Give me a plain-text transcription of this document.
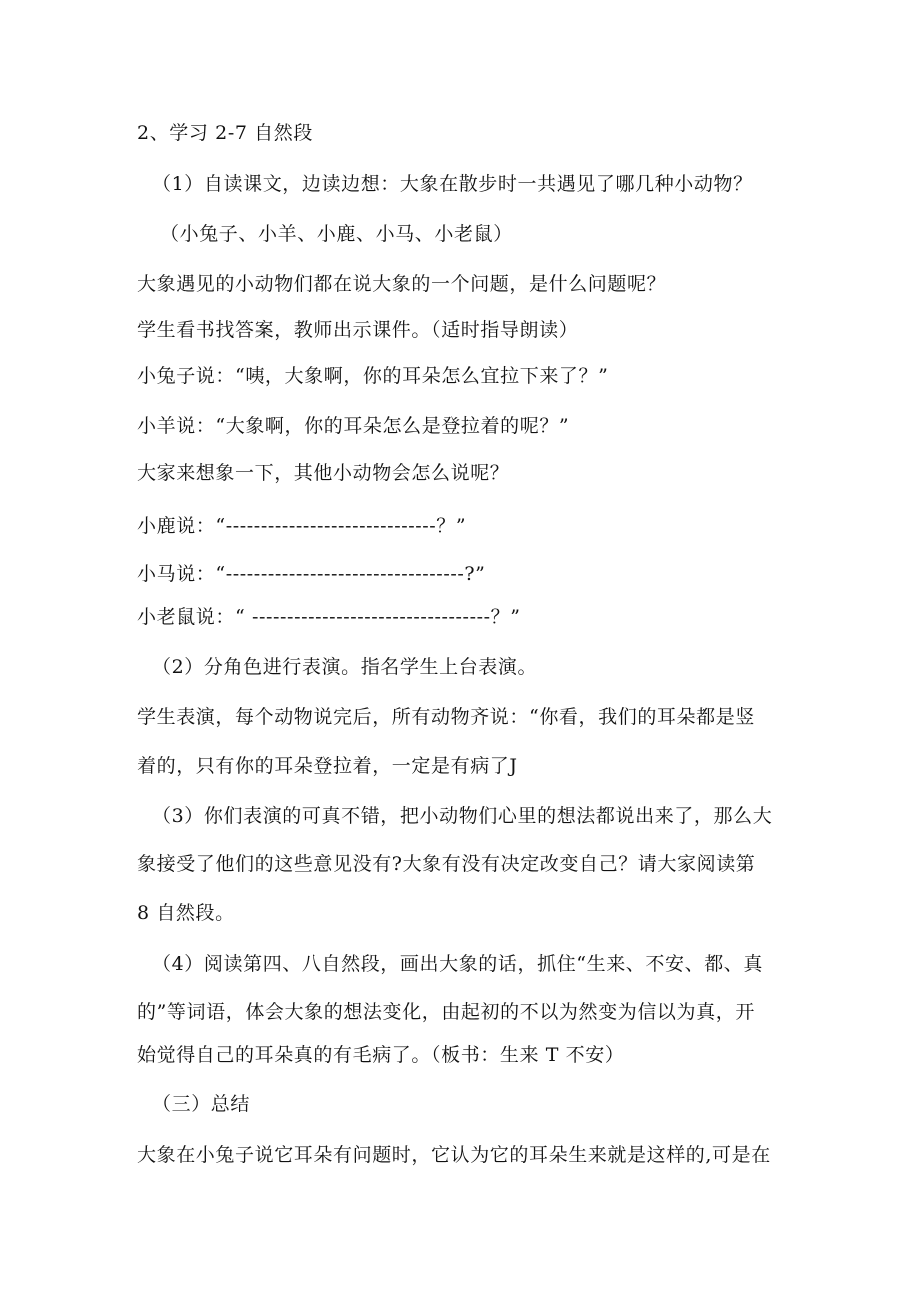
2、学习 2-7 自然段
（1）自读课文，边读边想：大象在散步时一共遇见了哪几种小动物？
（小兔子、小羊、小鹿、小马、小老鼠）
大象遇见的小动物们都在说大象的一个问题，是什么问题呢？
学生看书找答案，教师出示课件。（适时指导朗读）
小兔子说：“咦，大象啊，你的耳朵怎么宜拉下来了？”
小羊说：“大象啊，你的耳朵怎么是登拉着的呢？”
大家来想象一下，其他小动物会怎么说呢？
小鹿说：“------------------------------？”
小马说：“----------------------------------?”
小老鼠说：“ ----------------------------------？”
（2）分角色进行表演。指名学生上台表演。
学生表演，每个动物说完后，所有动物齐说：“你看，我们的耳朵都是竖
着的，只有你的耳朵登拉着，一定是有病了J
（3）你们表演的可真不错，把小动物们心里的想法都说出来了，那么大
象接受了他们的这些意见没有?大象有没有决定改变自己？请大家阅读第
8 自然段。
（4）阅读第四、八自然段，画出大象的话，抓住“生来、不安、都、真
的”等词语，体会大象的想法变化，由起初的不以为然变为信以为真，开
始觉得自己的耳朵真的有毛病了。（板书：生来 T 不安）
（三）总结
大象在小兔子说它耳朵有问题时，它认为它的耳朵生来就是这样的,可是在
